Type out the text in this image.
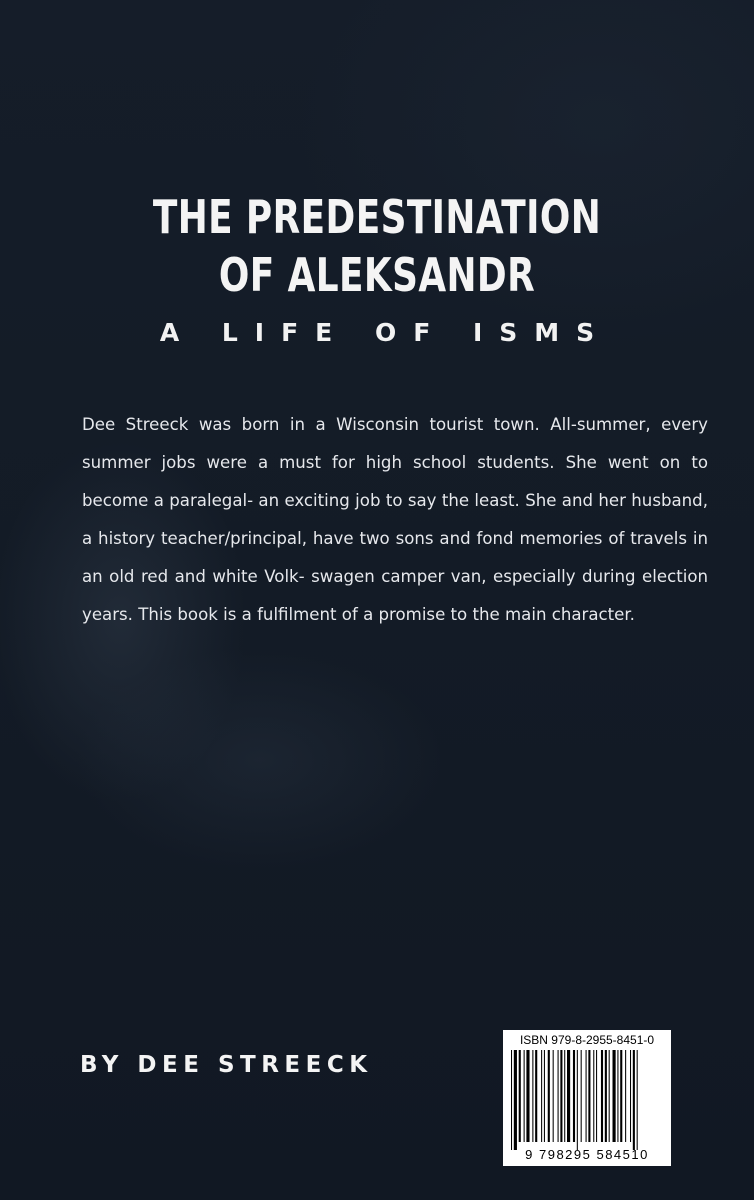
THE PREDESTINATION
OF ALEKSANDR
A LIFE OF ISMS
Dee Streeck was born in a Wisconsin tourist town. All-summer, every summer jobs were a must for high school students. She went on to become a paralegal- an exciting job to say the least. She and her husband, a history teacher/principal, have two sons and fond memories of travels in an old red and white Volk- swagen camper van, especially during election years. This book is a fulfilment of a promise to the main character.
BY DEE STREECK
ISBN 979-8-2955-8451-0
9 798295 584510
